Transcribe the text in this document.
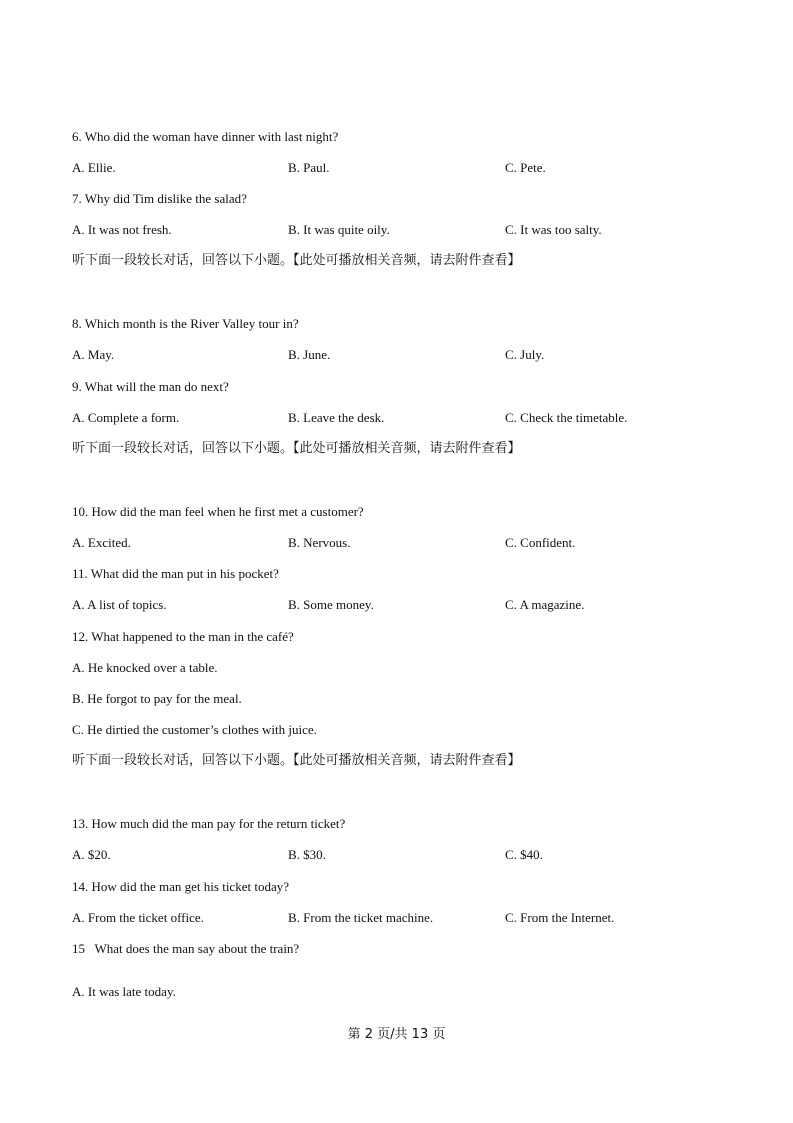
6. Who did the woman have dinner with last night?
A. Ellie.	B. Paul.	C. Pete.
7. Why did Tim dislike the salad?
A. It was not fresh.	B. It was quite oily.	C. It was too salty.
听下面一段较长对话，回答以下小题。【此处可播放相关音频，请去附件查看】
8. Which month is the River Valley tour in?
A. May.	B. June.	C. July.
9. What will the man do next?
A. Complete a form.	B. Leave the desk.	C. Check the timetable.
听下面一段较长对话，回答以下小题。【此处可播放相关音频，请去附件查看】
10. How did the man feel when he first met a customer?
A. Excited.	B. Nervous.	C. Confident.
11. What did the man put in his pocket?
A. A list of topics.	B. Some money.	C. A magazine.
12. What happened to the man in the café?
A. He knocked over a table.
B. He forgot to pay for the meal.
C. He dirtied the customer’s clothes with juice.
听下面一段较长对话，回答以下小题。【此处可播放相关音频，请去附件查看】
13. How much did the man pay for the return ticket?
A. $20.	B. $30.	C. $40.
14. How did the man get his ticket today?
A. From the ticket office.	B. From the ticket machine.	C. From the Internet.
15   What does the man say about the train?
A. It was late today.
第 2 页/共 13 页
